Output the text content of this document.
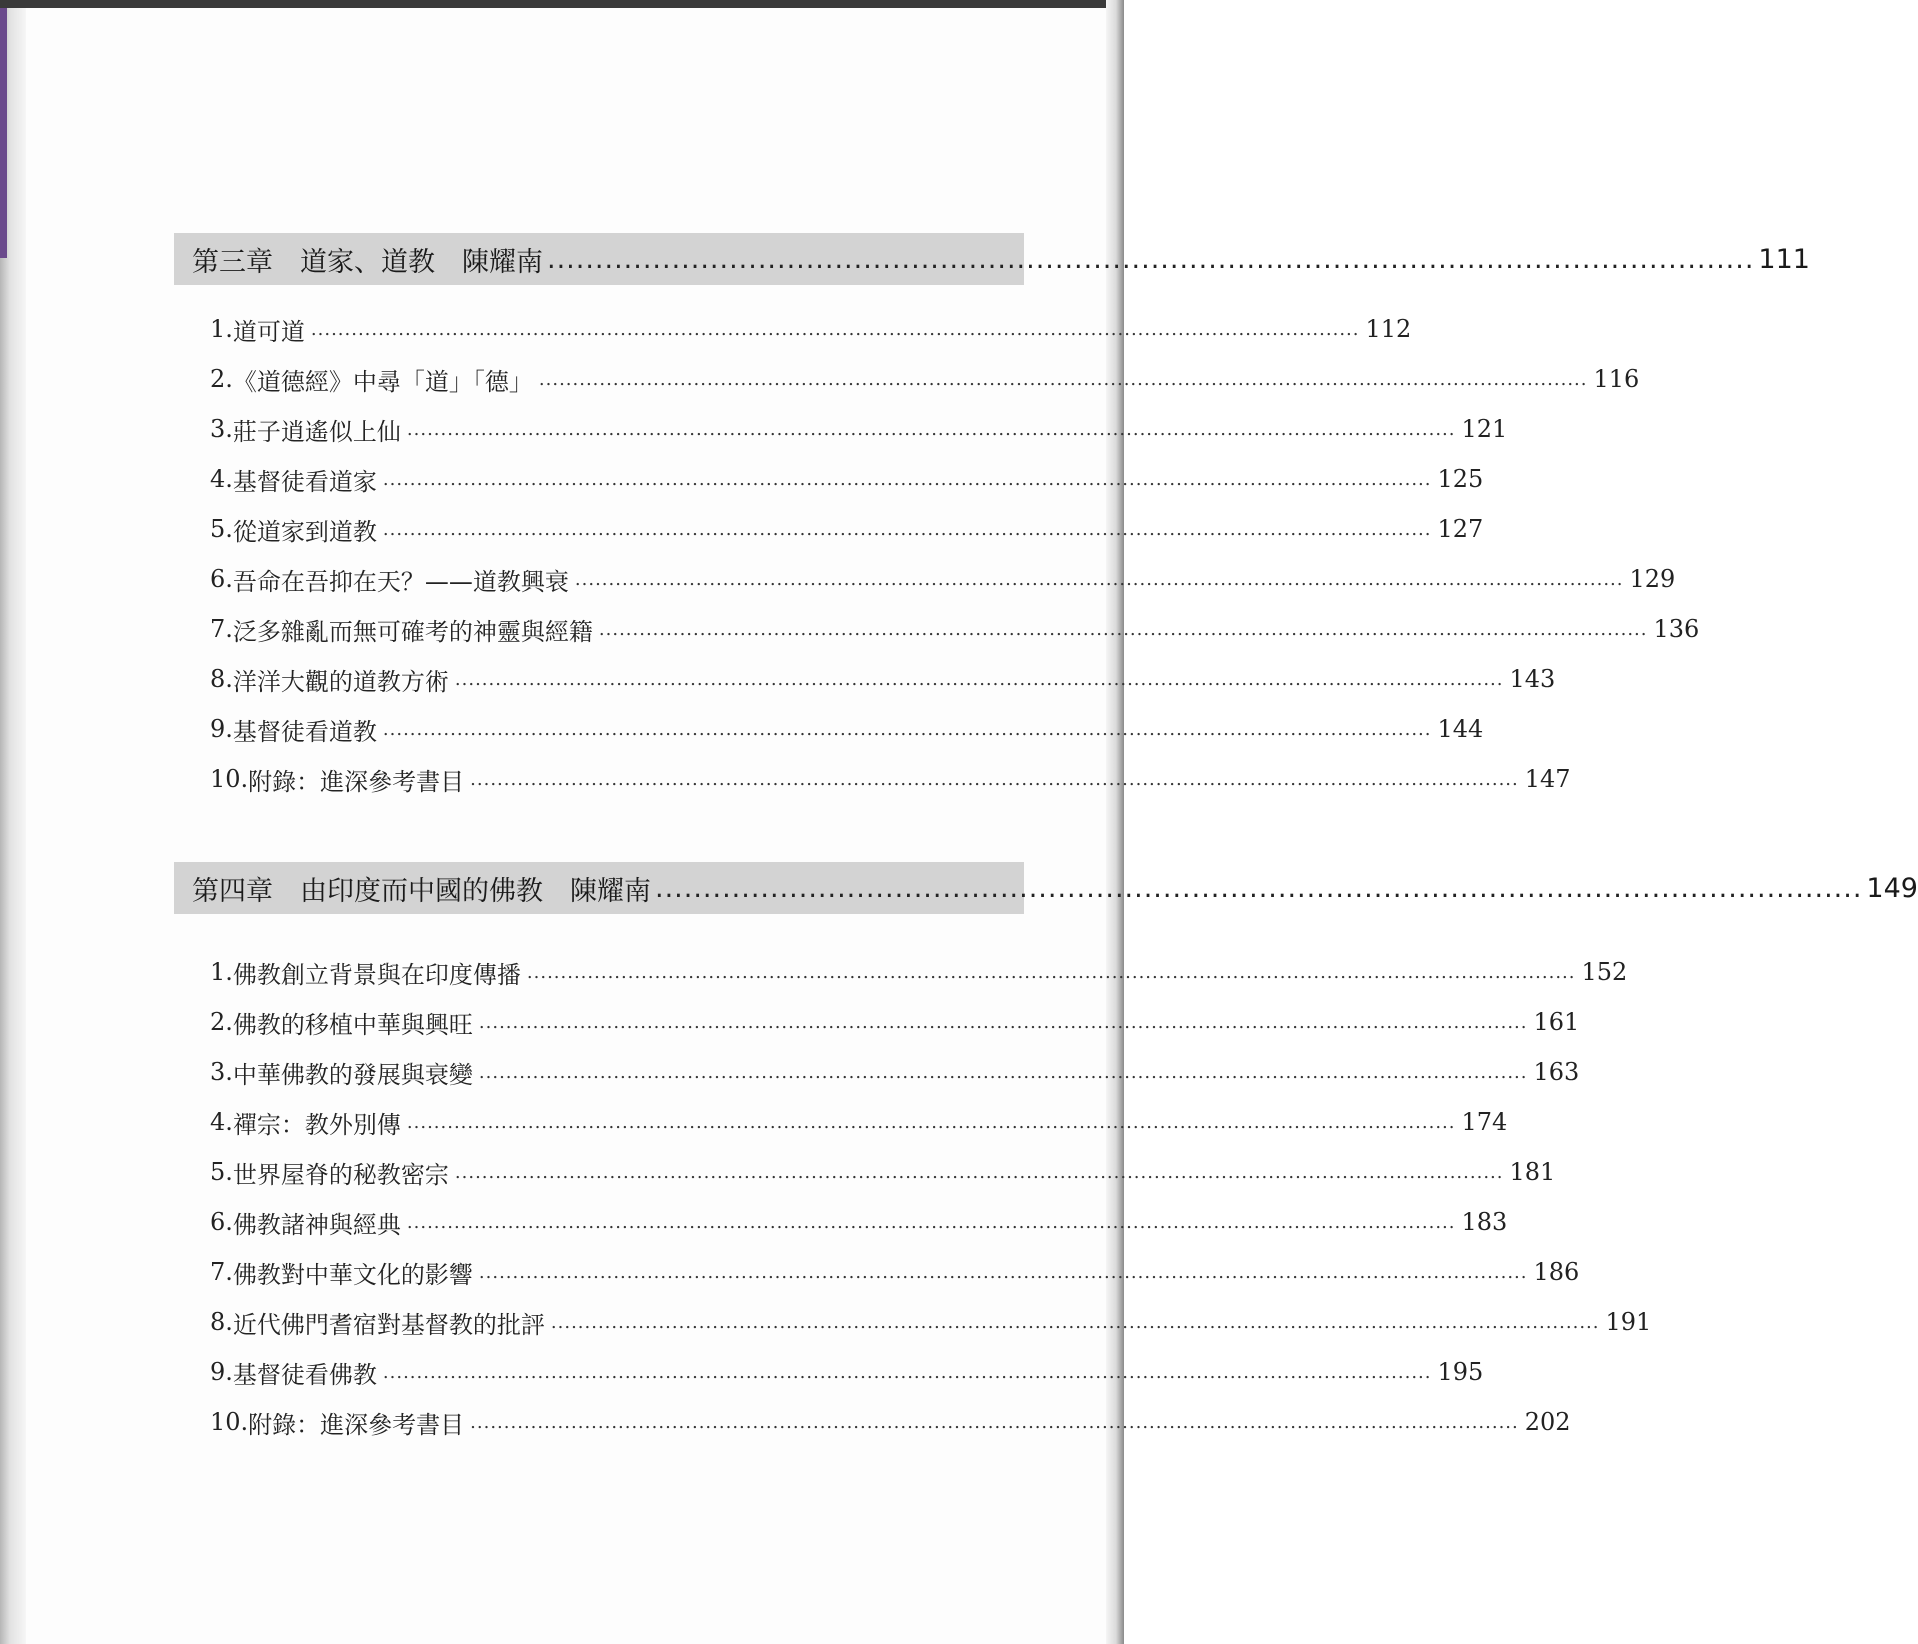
第三章　道家、道教　陳耀南 .............................................................................................................................. 111
1. 道可道 ............................................................................................................................................................ 112
2. 《道德經》中尋「道」「德」 ............................................................................................................................................................ 116
3. 莊子逍遙似上仙 ............................................................................................................................................................ 121
4. 基督徒看道家 ............................................................................................................................................................ 125
5. 從道家到道教 ............................................................................................................................................................ 127
6. 吾命在吾抑在天？——道教興衰 ............................................................................................................................................................ 129
7. 泛多雜亂而無可確考的神靈與經籍 ............................................................................................................................................................ 136
8. 洋洋大觀的道教方術 ............................................................................................................................................................ 143
9. 基督徒看道教 ............................................................................................................................................................ 144
10. 附錄：進深參考書目 ............................................................................................................................................................ 147
第四章　由印度而中國的佛教　陳耀南 .............................................................................................................................. 149
1. 佛教創立背景與在印度傳播 ............................................................................................................................................................ 152
2. 佛教的移植中華與興旺 ............................................................................................................................................................ 161
3. 中華佛教的發展與衰變 ............................................................................................................................................................ 163
4. 禪宗：教外別傳 ............................................................................................................................................................ 174
5. 世界屋脊的秘教密宗 ............................................................................................................................................................ 181
6. 佛教諸神與經典 ............................................................................................................................................................ 183
7. 佛教對中華文化的影響 ............................................................................................................................................................ 186
8. 近代佛門耆宿對基督教的批評 ............................................................................................................................................................ 191
9. 基督徒看佛教 ............................................................................................................................................................ 195
10. 附錄：進深參考書目 ............................................................................................................................................................ 202
